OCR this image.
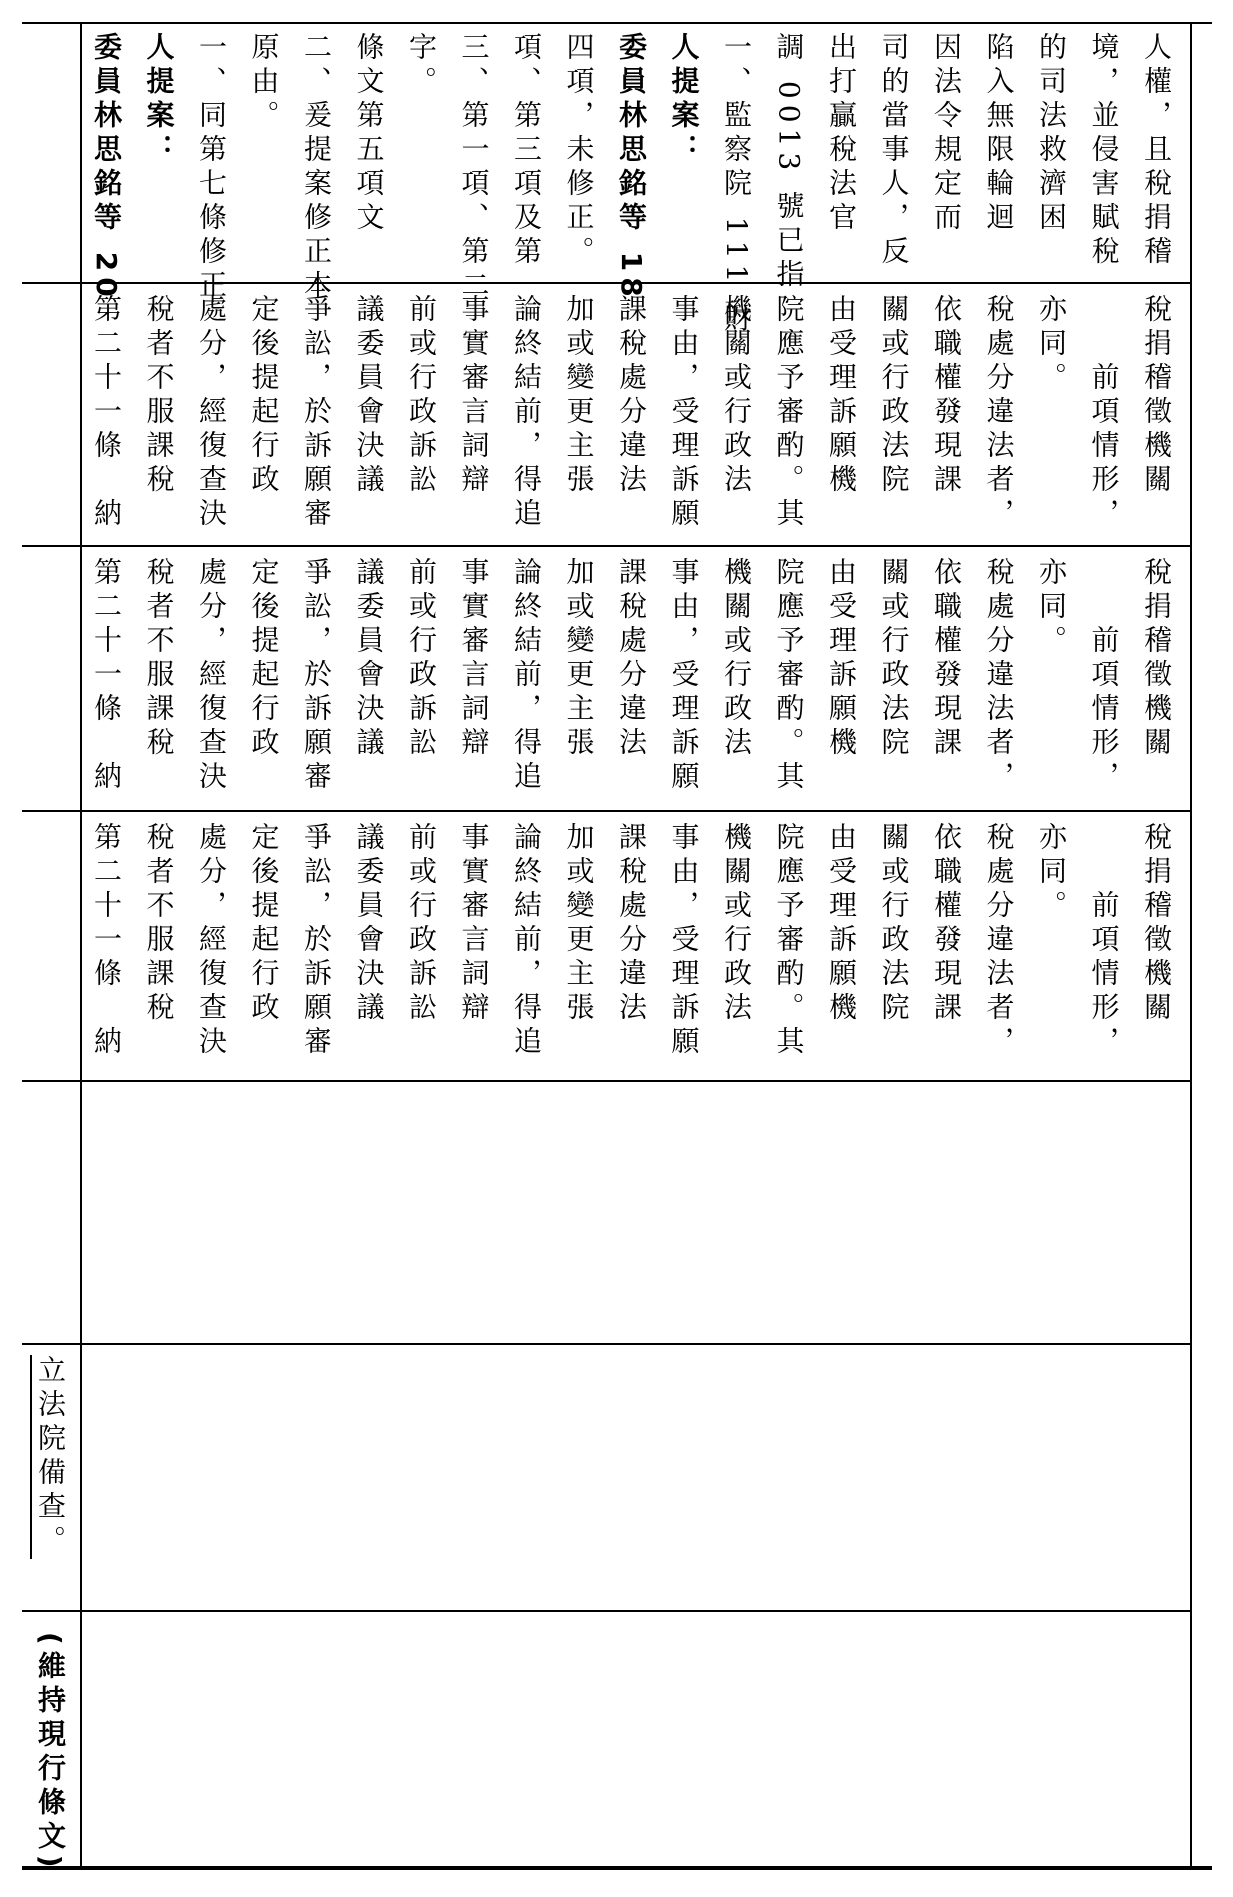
委員林思銘等 20 人提案： 一、同第七條修正 原由。 二、爰提案修正本 條文第五項文 字。 三、第一項、第二 項、第三項及第 四項，未修正。 委員林思銘等 18 人提案： 一、監察院 111 財 調 0013 號已指 出打贏稅法官 司的當事人，反 因法令規定而 陷入無限輪迴 的司法救濟困 境，並侵害賦稅 人權，且稅捐稽
第二十一條　納 稅者不服課稅 處分，經復查決 定後提起行政 爭訟，於訴願審 議委員會決議 前或行政訴訟 事實審言詞辯 論終結前，得追 加或變更主張 課稅處分違法 事由，受理訴願 機關或行政法 院應予審酌。其 由受理訴願機 關或行政法院 依職權發現課 稅處分違法者， 亦同。 　　前項情形， 稅捐稽徵機關
第二十一條　納 稅者不服課稅 處分，經復查決 定後提起行政 爭訟，於訴願審 議委員會決議 前或行政訴訟 事實審言詞辯 論終結前，得追 加或變更主張 課稅處分違法 事由，受理訴願 機關或行政法 院應予審酌。其 由受理訴願機 關或行政法院 依職權發現課 稅處分違法者， 亦同。 　　前項情形， 稅捐稽徵機關
第二十一條　納 稅者不服課稅 處分，經復查決 定後提起行政 爭訟，於訴願審 議委員會決議 前或行政訴訟 事實審言詞辯 論終結前，得追 加或變更主張 課稅處分違法 事由，受理訴願 機關或行政法 院應予審酌。其 由受理訴願機 關或行政法院 依職權發現課 稅處分違法者， 亦同。 　　前項情形， 稅捐稽徵機關
立法院備查。
(維持現行條文)
